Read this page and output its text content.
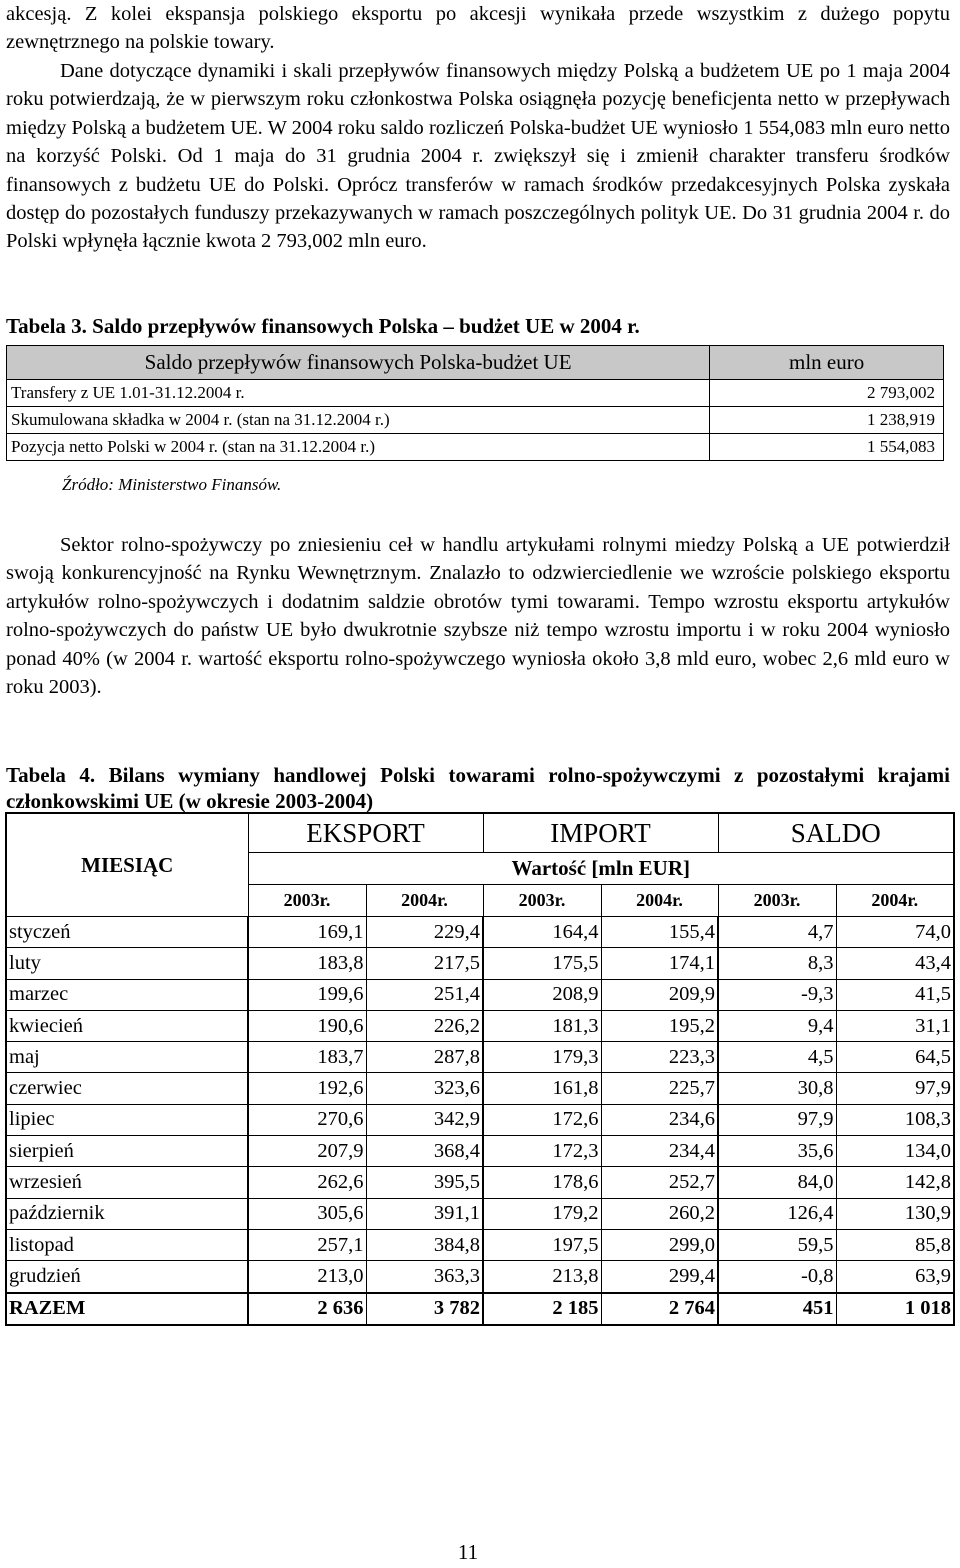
akcesją. Z kolei ekspansja polskiego eksportu po akcesji wynikała przede wszystkim z dużego popytu zewnętrznego na polskie towary.

Dane dotyczące dynamiki i skali przepływów finansowych między Polską a budżetem UE po 1 maja 2004 roku potwierdzają, że w pierwszym roku członkostwa Polska osiągnęła pozycję beneficjenta netto w przepływach między Polską a budżetem UE. W 2004 roku saldo rozliczeń Polska-budżet UE wyniosło 1 554,083 mln euro netto na korzyść Polski. Od 1 maja do 31 grudnia 2004 r. zwiększył się i zmienił charakter transferu środków finansowych z budżetu UE do Polski. Oprócz transferów w ramach środków przedakcesyjnych Polska zyskała dostęp do pozostałych funduszy przekazywanych w ramach poszczególnych polityk UE. Do 31 grudnia 2004 r. do Polski wpłynęła łącznie kwota 2 793,002 mln euro.

Tabela 3. Saldo przepływów finansowych Polska – budżet UE w 2004 r.

Saldo przepływów finansowych Polska-budżet UE	mln euro
Transfery z UE 1.01-31.12.2004 r.	2 793,002
Skumulowana składka w 2004 r. (stan na 31.12.2004 r.)	1 238,919
Pozycja netto Polski w 2004 r. (stan na 31.12.2004 r.)	1 554,083

Źródło: Ministerstwo Finansów.

Sektor rolno-spożywczy po zniesieniu ceł w handlu artykułami rolnymi miedzy Polską a UE potwierdził swoją konkurencyjność na Rynku Wewnętrznym. Znalazło to odzwierciedlenie we wzroście polskiego eksportu artykułów rolno-spożywczych i dodatnim saldzie obrotów tymi towarami. Tempo wzrostu eksportu artykułów rolno-spożywczych do państw UE było dwukrotnie szybsze niż tempo wzrostu importu i w roku 2004 wyniosło ponad 40% (w 2004 r. wartość eksportu rolno-spożywczego wyniosła około 3,8 mld euro, wobec 2,6 mld euro w roku 2003).

Tabela 4. Bilans wymiany handlowej Polski towarami rolno-spożywczymi z pozostałymi krajami członkowskimi UE (w okresie 2003-2004)

MIESIĄC	EKSPORT		IMPORT		SALDO	
	Wartość [mln EUR]					
	2003r.	2004r.	2003r.	2004r.	2003r.	2004r.
styczeń	169,1	229,4	164,4	155,4	4,7	74,0
luty	183,8	217,5	175,5	174,1	8,3	43,4
marzec	199,6	251,4	208,9	209,9	-9,3	41,5
kwiecień	190,6	226,2	181,3	195,2	9,4	31,1
maj	183,7	287,8	179,3	223,3	4,5	64,5
czerwiec	192,6	323,6	161,8	225,7	30,8	97,9
lipiec	270,6	342,9	172,6	234,6	97,9	108,3
sierpień	207,9	368,4	172,3	234,4	35,6	134,0
wrzesień	262,6	395,5	178,6	252,7	84,0	142,8
październik	305,6	391,1	179,2	260,2	126,4	130,9
listopad	257,1	384,8	197,5	299,0	59,5	85,8
grudzień	213,0	363,3	213,8	299,4	-0,8	63,9
RAZEM	2 636	3 782	2 185	2 764	451	1 018

11
